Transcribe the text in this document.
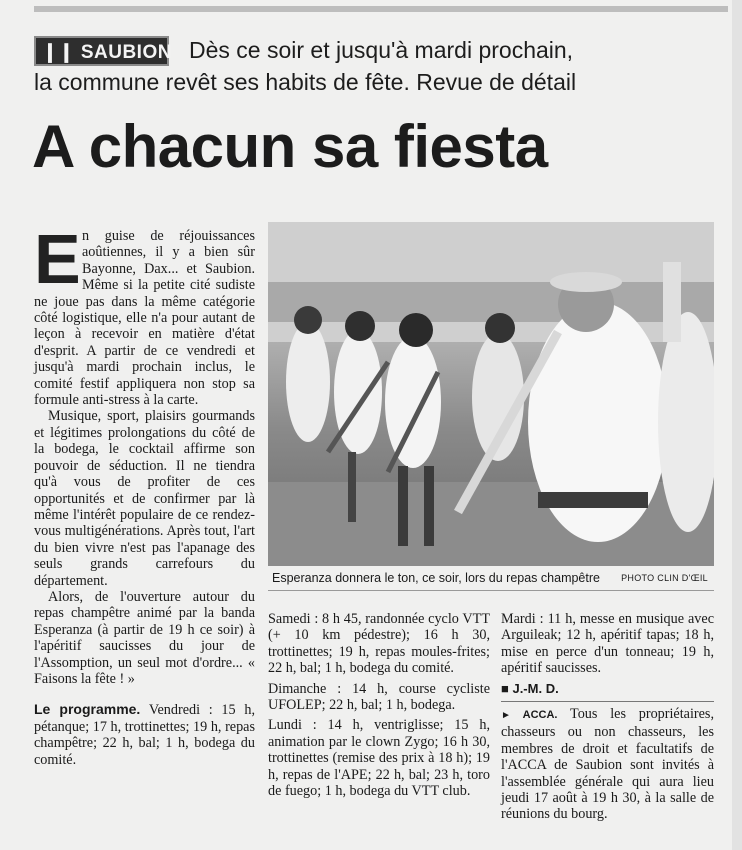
Dès ce soir et jusqu'à mardi prochain,
la commune revêt ses habits de fête. Revue de détail
❙❙ SAUBION
A chacun sa fiesta

En guise de réjouissances aoûtiennes, il y a bien sûr Bayonne, Dax... et Saubion. Même si la petite cité sudiste ne joue pas dans la même catégorie côté logistique, elle n'a pour autant de leçon à recevoir en matière d'état d'esprit. A partir de ce vendredi et jusqu'à mardi prochain inclus, le comité festif appliquera non stop sa formule anti-stress à la carte.

Musique, sport, plaisirs gourmands et légitimes prolongations du côté de la bodega, le cocktail affirme son pouvoir de séduction. Il ne tiendra qu'à vous de profiter de ces opportunités et de confirmer par là même l'intérêt populaire de ce rendez-vous multigénérations. Après tout, l'art du bien vivre n'est pas l'apanage des seuls grands carrefours du département.

Alors, de l'ouverture autour du repas champêtre animé par la banda Esperanza (à partir de 19 h ce soir) à l'apéritif saucisses du jour de l'Assomption, un seul mot d'ordre... « Faisons la fête ! »

Le programme. Vendredi : 15 h, pétanque; 17 h, trottinettes; 19 h, repas champêtre; 22 h, bal; 1 h, bodega du comité.

Esperanza donnera le ton, ce soir, lors du repas champêtre PHOTO CLIN D'ŒIL

Samedi : 8 h 45, randonnée cyclo VTT (+ 10 km pédestre); 16 h 30, trottinettes; 19 h, repas moules-frites; 22 h, bal; 1 h, bodega du comité.

Dimanche : 14 h, course cycliste UFOLEP; 22 h, bal; 1 h, bodega.

Lundi : 14 h, ventriglisse; 15 h, animation par le clown Zygo; 16 h 30, trottinettes (remise des prix à 18 h); 19 h, repas de l'APE; 22 h, bal; 23 h, toro de fuego; 1 h, bodega du VTT club.

Mardi : 11 h, messe en musique avec Arguileak; 12 h, apéritif tapas; 18 h, mise en perce d'un tonneau; 19 h, apéritif saucisses.

■ J.-M. D.

► ACCA. Tous les propriétaires, chasseurs ou non chasseurs, les membres de droit et facultatifs de l'ACCA de Saubion sont invités à l'assemblée générale qui aura lieu jeudi 17 août à 19 h 30, à la salle de réunions du bourg.
